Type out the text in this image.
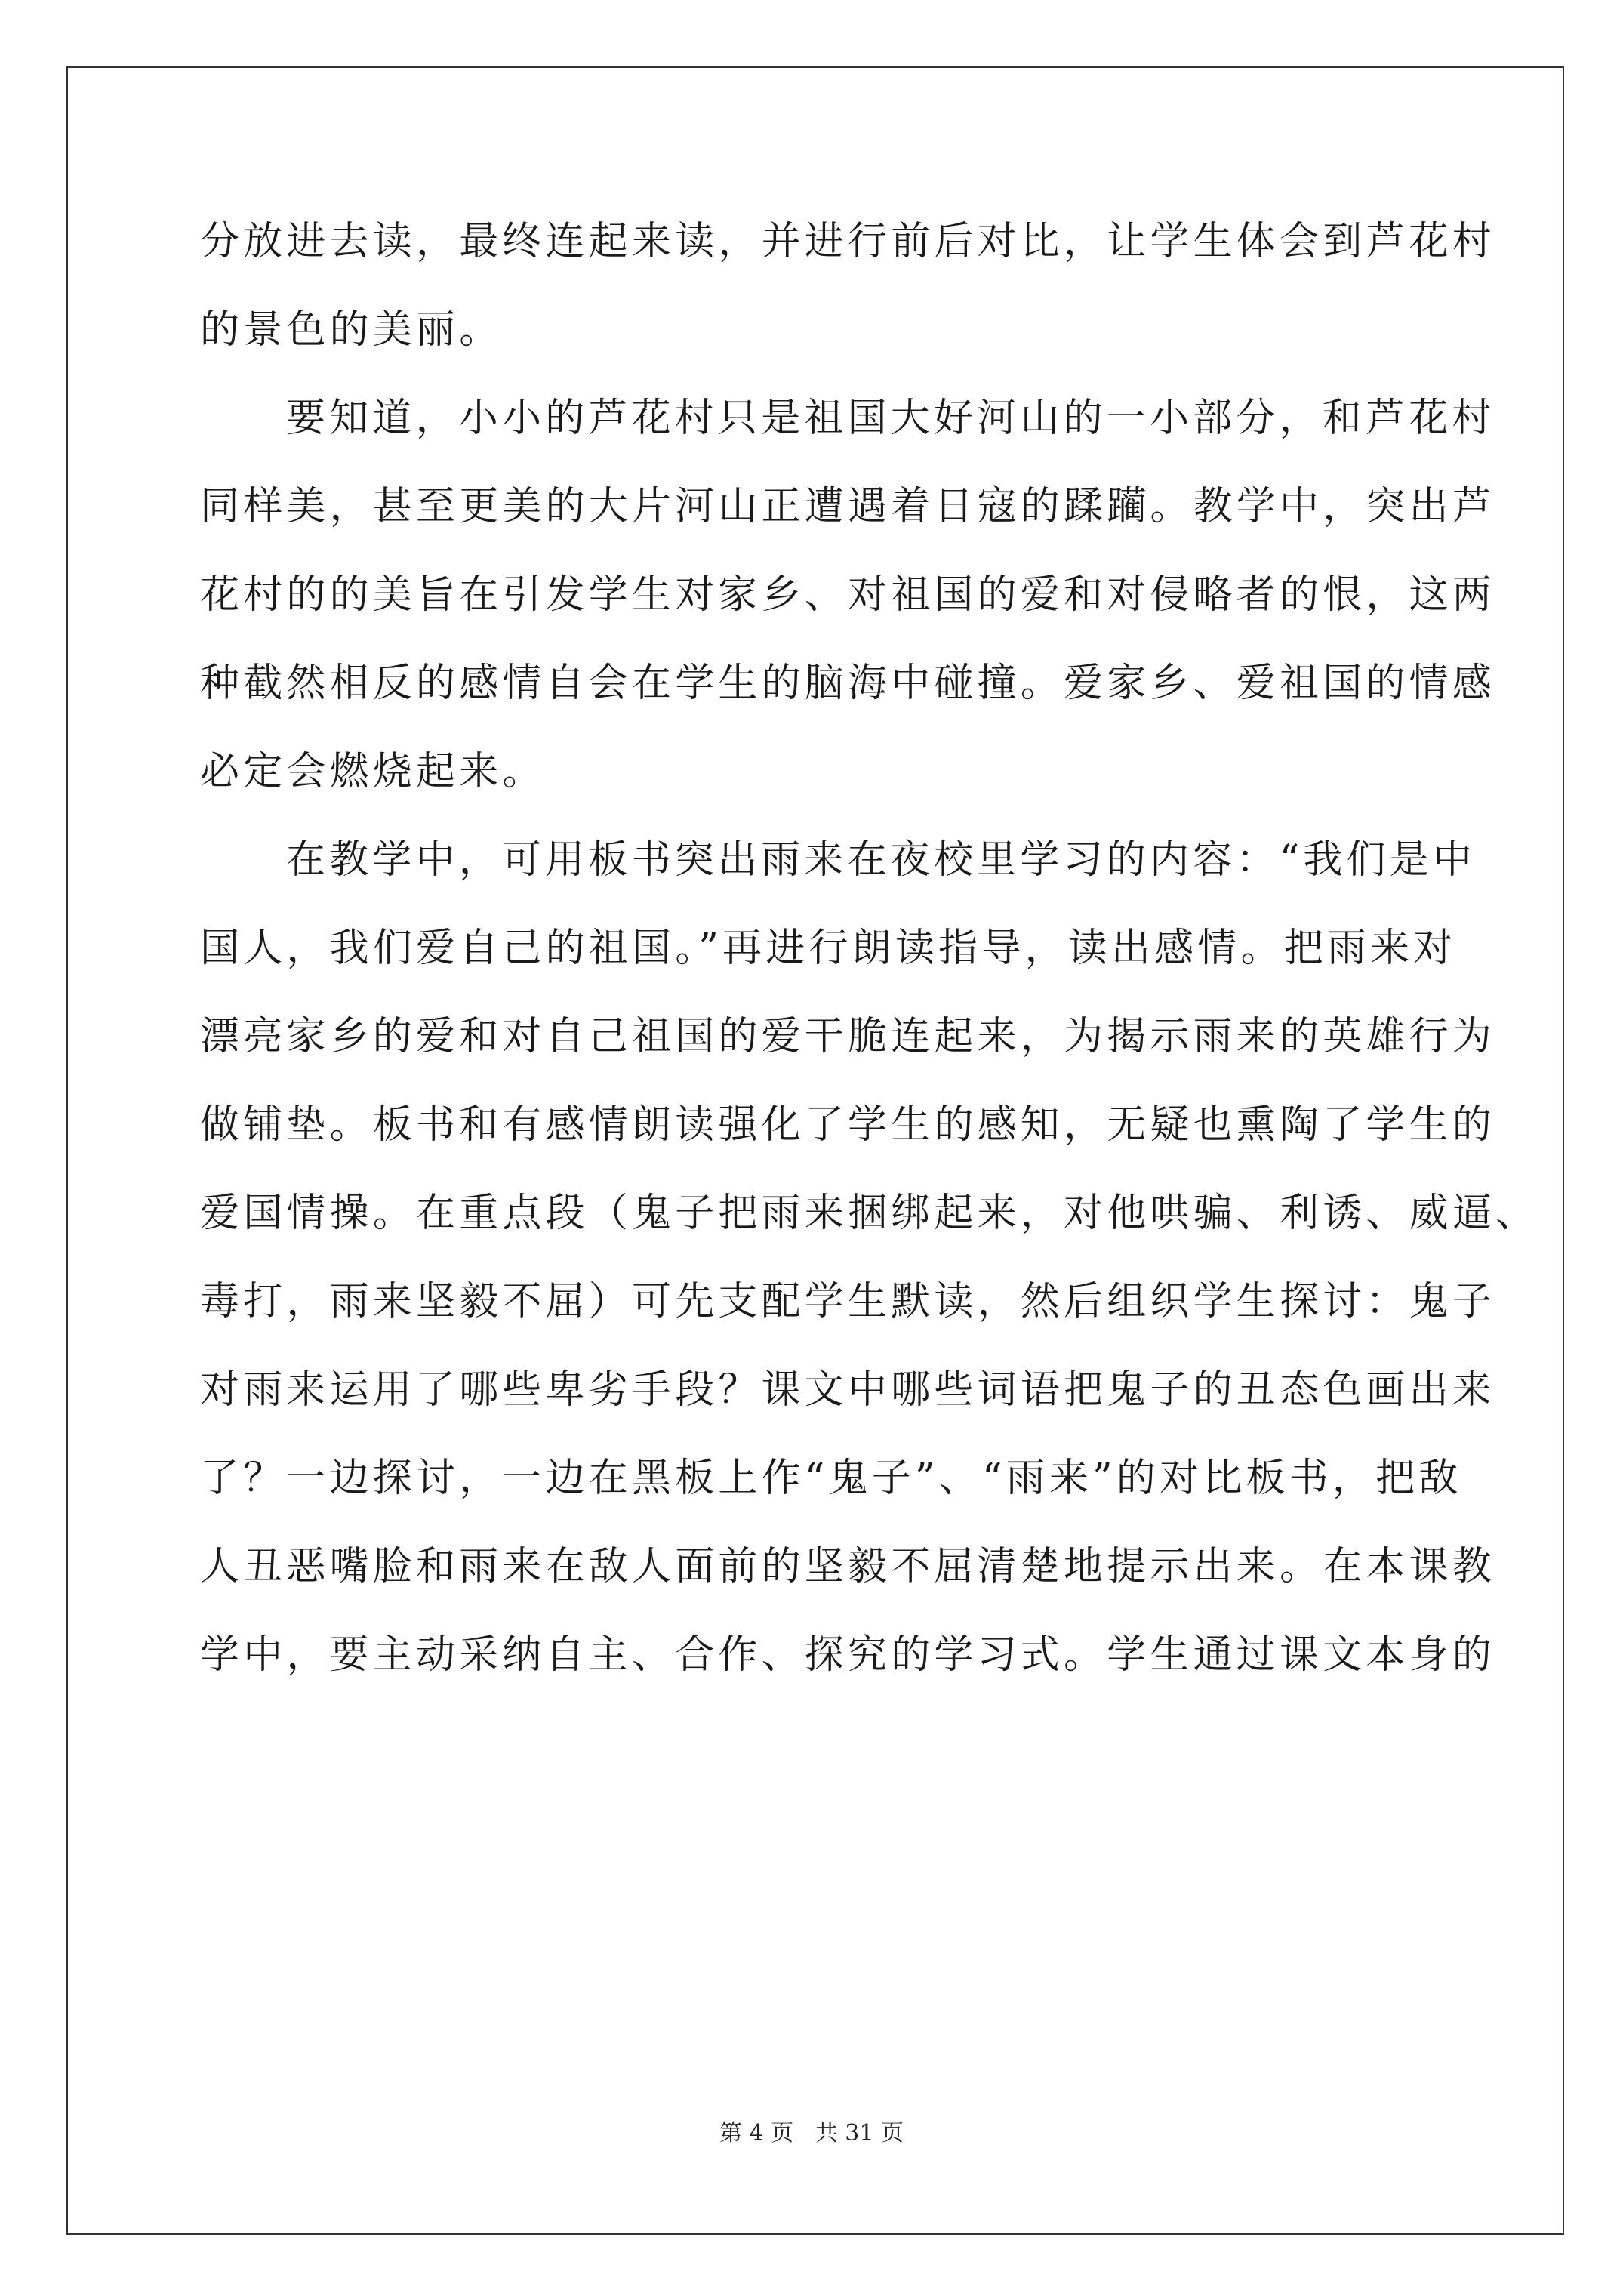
分放进去读，最终连起来读，并进行前后对比，让学生体会到芦花村
的景色的美丽。
要知道，小小的芦花村只是祖国大好河山的一小部分，和芦花村
同样美，甚至更美的大片河山正遭遇着日寇的蹂躏。教学中，突出芦
花村的的美旨在引发学生对家乡、对祖国的爱和对侵略者的恨，这两
种截然相反的感情自会在学生的脑海中碰撞。爱家乡、爱祖国的情感
必定会燃烧起来。
在教学中，可用板书突出雨来在夜校里学习的内容：“我们是中
国人，我们爱自己的祖国。”再进行朗读指导，读出感情。把雨来对
漂亮家乡的爱和对自己祖国的爱干脆连起来，为揭示雨来的英雄行为
做铺垫。板书和有感情朗读强化了学生的感知，无疑也熏陶了学生的
爱国情操。在重点段（鬼子把雨来捆绑起来，对他哄骗、利诱、威逼、
毒打，雨来坚毅不屈）可先支配学生默读，然后组织学生探讨：鬼子
对雨来运用了哪些卑劣手段？课文中哪些词语把鬼子的丑态色画出来
了？一边探讨，一边在黑板上作“鬼子”、“雨来”的对比板书，把敌
人丑恶嘴脸和雨来在敌人面前的坚毅不屈清楚地提示出来。在本课教
学中，要主动采纳自主、合作、探究的学习式。学生通过课文本身的
第 4 页   共 31 页
